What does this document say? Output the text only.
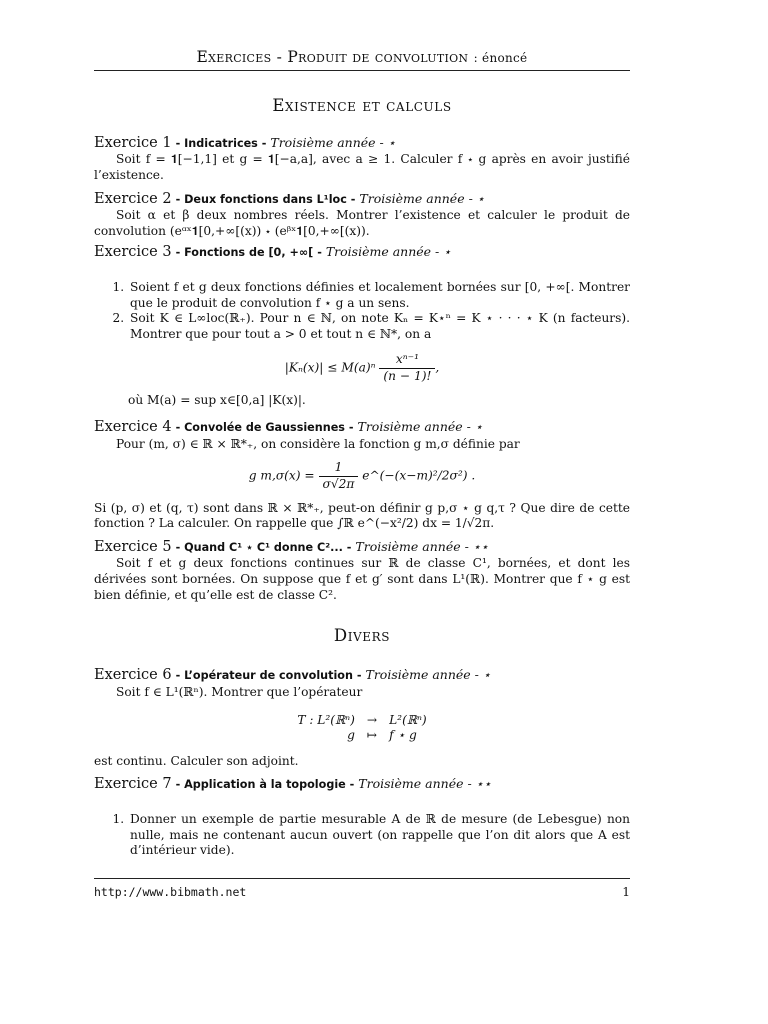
Exercices - Produit de convolution : énoncé
Existence et calculs
Exercice 1 - Indicatrices - Troisième année - ⋆
Soit f = 𝟏[−1,1] et g = 𝟏[−a,a], avec a ≥ 1. Calculer f ⋆ g après en avoir justifié l’existence.
Exercice 2 - Deux fonctions dans L¹loc - Troisième année - ⋆
Soit α et β deux nombres réels. Montrer l’existence et calculer le produit de convolution (eᵅˣ𝟏[0,+∞[(x)) ⋆ (eᵝˣ𝟏[0,+∞[(x)).
Exercice 3 - Fonctions de [0, +∞[ - Troisième année - ⋆
1. Soient f et g deux fonctions définies et localement bornées sur [0, +∞[. Montrer que le produit de convolution f ⋆ g a un sens.
2. Soit K ∈ L∞loc(ℝ₊). Pour n ∈ ℕ, on note Kₙ = K⋆ⁿ = K ⋆ · · · ⋆ K (n facteurs). Montrer que pour tout a > 0 et tout n ∈ ℕ*, on a
$|K_n(x)| \le M(a)^n \frac{\text{xⁿ⁻¹}}{(n - 1)!}$ ,
où M(a) = sup x∈[0,a] |K(x)|.
Exercice 4 - Convolée de Gaussiennes - Troisième année - ⋆
Pour (m, σ) ∈ ℝ × ℝ*₊, on considère la fonction g m,σ définie par
g $m,\sigma(x) = \frac{1}{\sigma√2\pi}$ e^(−(x−m)²/2σ²) .
Si (p, σ) et (q, τ) sont dans ℝ × ℝ*₊, peut-on définir g p,σ ⋆ g q,τ ? Que dire de cette fonction ? La calculer. On rappelle que ∫ℝ e^(−x²/2) dx = 1/√2π.
Exercice 5 - Quand C¹ ⋆ C¹ donne C²... - Troisième année - ⋆⋆
Soit f et g deux fonctions continues sur ℝ de classe C¹, bornées, et dont les dérivées sont bornées. On suppose que f et g′ sont dans L¹(ℝ). Montrer que f ⋆ g est bien définie, et qu’elle est de classe C².
Divers
Exercice 6 - L’opérateur de convolution - Troisième année - ⋆
Soit f ∈ L¹(ℝⁿ). Montrer que l’opérateur
T : L²(ℝⁿ)	→	L²(ℝⁿ)
g	↦	f ⋆ g
est continu. Calculer son adjoint.
Exercice 7 - Application à la topologie - Troisième année - ⋆⋆
1. Donner un exemple de partie mesurable A de ℝ de mesure (de Lebesgue) non nulle, mais ne contenant aucun ouvert (on rappelle que l’on dit alors que A est d’intérieur vide).
http://www.bibmath.net	1
